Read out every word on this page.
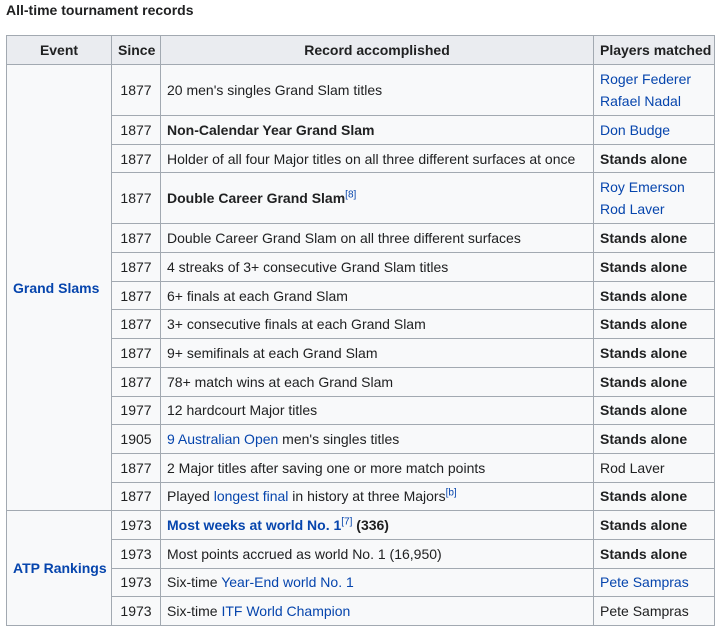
All-time tournament records
Event	Since	Record accomplished	Players matched
Grand Slams	1877	20 men's singles Grand Slam titles	Roger Federer
Rafael Nadal

	1877	Non-Calendar Year Grand Slam	Don Budge

	1877	Holder of all four Major titles on all three different surfaces at once	Stands alone

	1877	Double Career Grand Slam[8]	Roy Emerson
Rod Laver

	1877	Double Career Grand Slam on all three different surfaces	Stands alone

	1877	4 streaks of 3+ consecutive Grand Slam titles	Stands alone

	1877	6+ finals at each Grand Slam	Stands alone

	1877	3+ consecutive finals at each Grand Slam	Stands alone

	1877	9+ semifinals at each Grand Slam	Stands alone

	1877	78+ match wins at each Grand Slam	Stands alone

	1977	12 hardcourt Major titles	Stands alone

	1905	9 Australian Open men's singles titles	Stands alone

	1877	2 Major titles after saving one or more match points	Rod Laver

	1877	Played longest final in history at three Majors[b]	Stands alone

ATP Rankings	1973	Most weeks at world No. 1[7] (336)	Stands alone

	1973	Most points accrued as world No. 1 (16,950)	Stands alone

	1973	Six-time Year-End world No. 1	Pete Sampras

	1973	Six-time ITF World Champion	Pete Sampras
